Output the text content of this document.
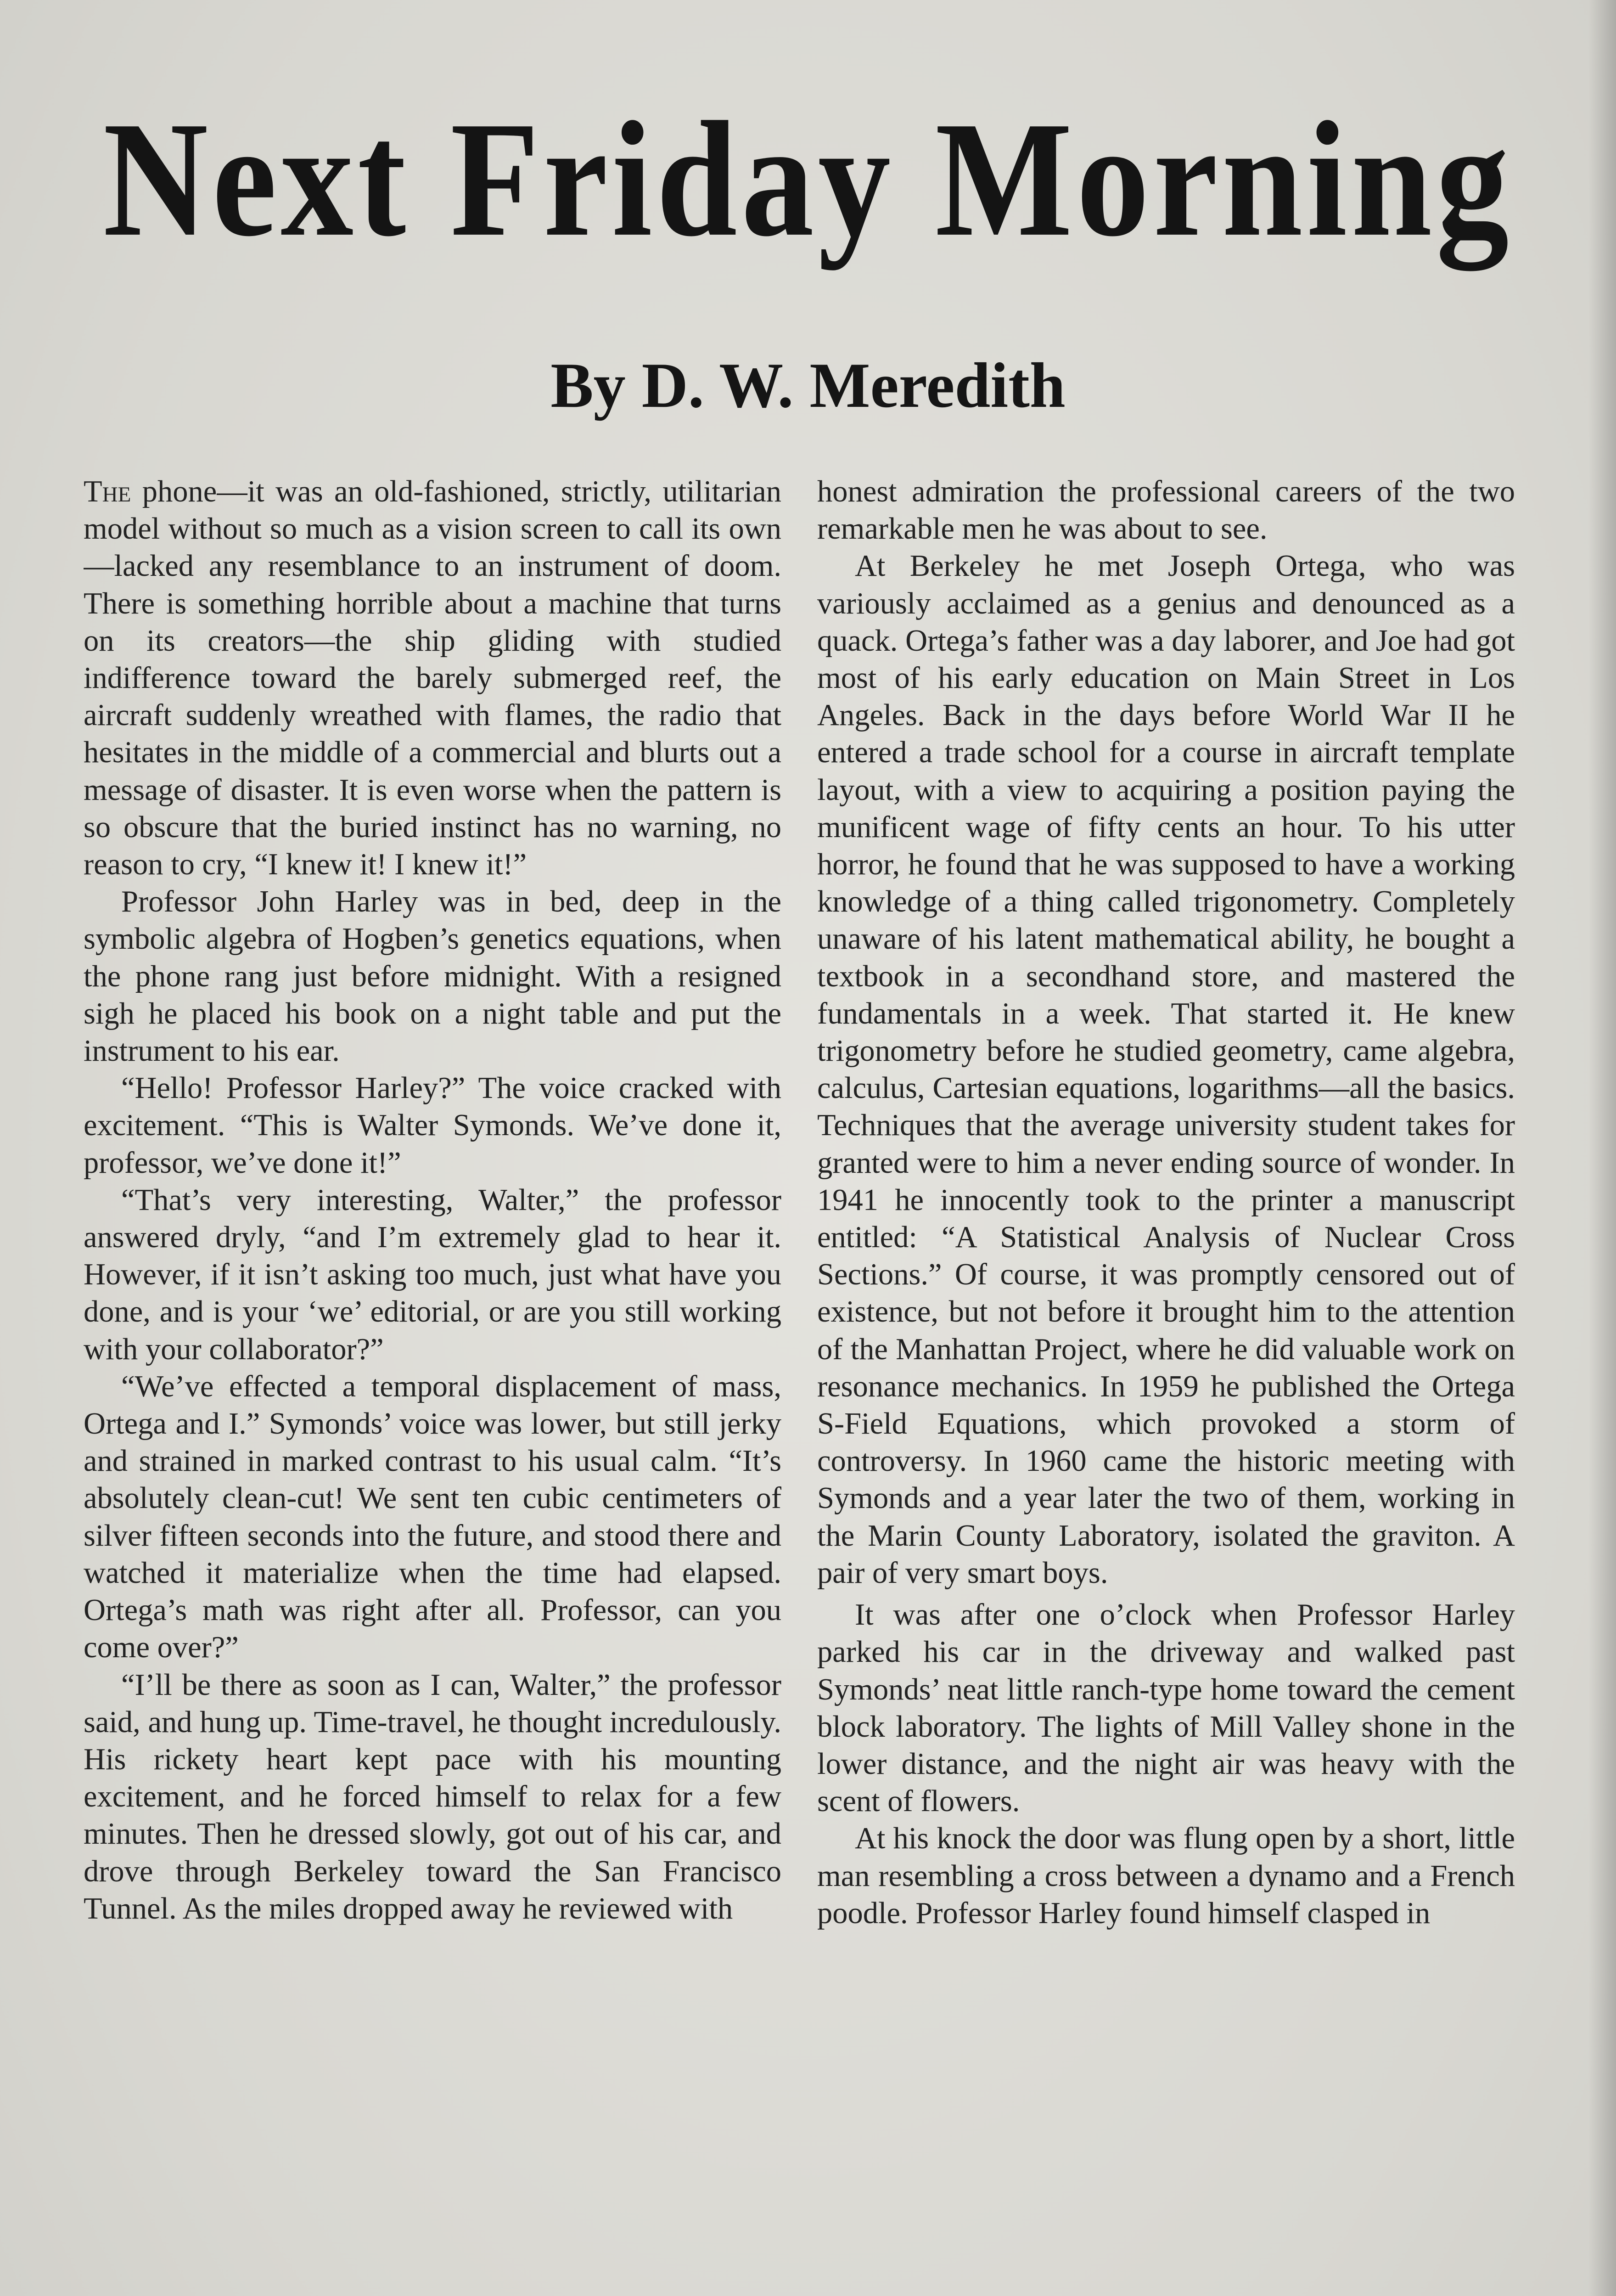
Next Friday Morning
By D. W. Meredith

The phone—it was an old-fashioned, strictly, utilitarian model without so much as a vision screen to call its own—lacked any resemblance to an instrument of doom. There is something horrible about a machine that turns on its creators—the ship gliding with studied indifference toward the barely submerged reef, the aircraft suddenly wreathed with flames, the radio that hesitates in the middle of a commercial and blurts out a message of disaster. It is even worse when the pattern is so obscure that the buried instinct has no warning, no reason to cry, “I knew it! I knew it!”

Professor John Harley was in bed, deep in the symbolic algebra of Hogben’s genetics equations, when the phone rang just before midnight. With a resigned sigh he placed his book on a night table and put the instrument to his ear.

“Hello! Professor Harley?” The voice cracked with excitement. “This is Walter Symonds. We’ve done it, professor, we’ve done it!”

“That’s very interesting, Walter,” the professor answered dryly, “and I’m extremely glad to hear it. However, if it isn’t asking too much, just what have you done, and is your ‘we’ editorial, or are you still working with your collaborator?”

“We’ve effected a temporal displacement of mass, Ortega and I.” Symonds’ voice was lower, but still jerky and strained in marked contrast to his usual calm. “It’s absolutely clean-cut! We sent ten cubic centimeters of silver fifteen seconds into the future, and stood there and watched it materialize when the time had elapsed. Ortega’s math was right after all. Professor, can you come over?”

“I’ll be there as soon as I can, Walter,” the professor said, and hung up. Time-travel, he thought incredulously. His rickety heart kept pace with his mounting excitement, and he forced himself to relax for a few minutes. Then he dressed slowly, got out of his car, and drove through Berkeley toward the San Francisco Tunnel. As the miles dropped away he reviewed with

honest admiration the professional careers of the two remarkable men he was about to see.

At Berkeley he met Joseph Ortega, who was variously acclaimed as a genius and denounced as a quack. Ortega’s father was a day laborer, and Joe had got most of his early education on Main Street in Los Angeles. Back in the days before World War II he entered a trade school for a course in aircraft template layout, with a view to acquiring a position paying the munificent wage of fifty cents an hour. To his utter horror, he found that he was supposed to have a working knowledge of a thing called trigonometry. Completely unaware of his latent mathematical ability, he bought a textbook in a secondhand store, and mastered the fundamentals in a week. That started it. He knew trigonometry before he studied geometry, came algebra, calculus, Cartesian equations, logarithms—all the basics. Techniques that the average university student takes for granted were to him a never ending source of wonder. In 1941 he innocently took to the printer a manuscript entitled: “A Statistical Analysis of Nuclear Cross Sections.” Of course, it was promptly censored out of existence, but not before it brought him to the attention of the Manhattan Project, where he did valuable work on resonance mechanics. In 1959 he published the Ortega S-Field Equations, which provoked a storm of controversy. In 1960 came the historic meeting with Symonds and a year later the two of them, working in the Marin County Laboratory, isolated the graviton. A pair of very smart boys.

It was after one o’clock when Professor Harley parked his car in the driveway and walked past Symonds’ neat little ranch-type home toward the cement block laboratory. The lights of Mill Valley shone in the lower distance, and the night air was heavy with the scent of flowers.

At his knock the door was flung open by a short, little man resembling a cross between a dynamo and a French poodle. Professor Harley found himself clasped in
